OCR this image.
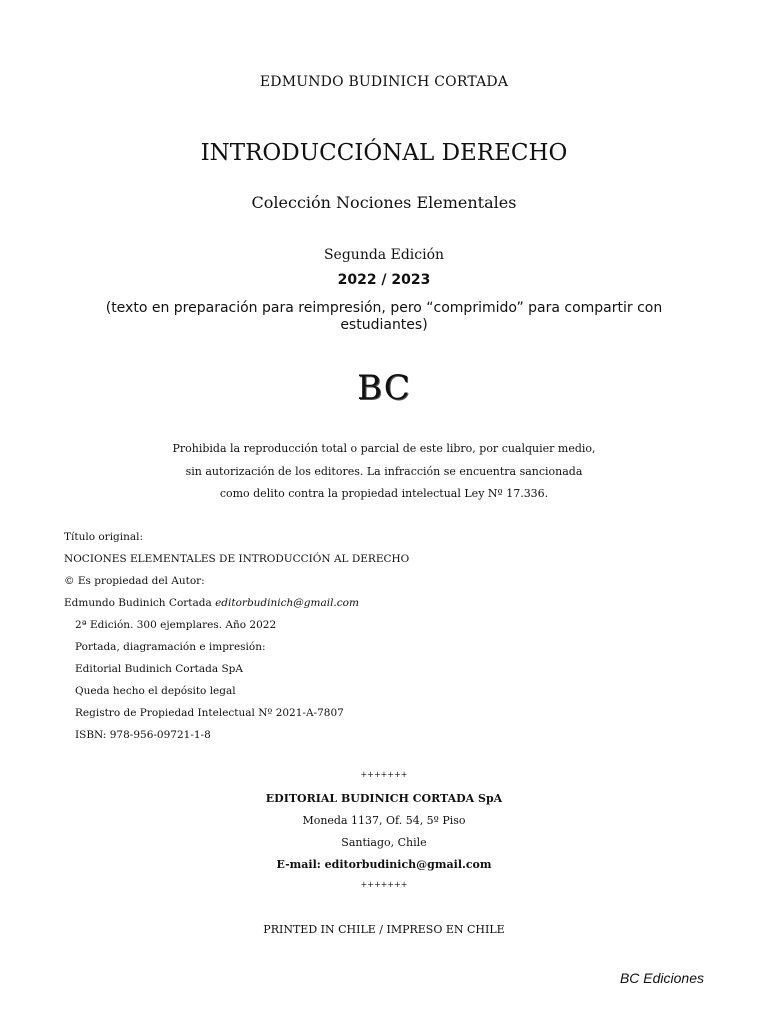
EDMUNDO BUDINICH CORTADA
INTRODUCCIÓNAL DERECHO
Colección Nociones Elementales
Segunda Edición
2022 / 2023
(texto en preparación para reimpresión, pero “comprimido” para compartir con
estudiantes)
BC
Prohibida la reproducción total o parcial de este libro, por cualquier medio,
sin autorización de los editores. La infracción se encuentra sancionada
como delito contra la propiedad intelectual Ley Nº 17.336.
Título original:
NOCIONES ELEMENTALES DE INTRODUCCIÓN AL DERECHO
© Es propiedad del Autor:
Edmundo Budinich Cortada editorbudinich@gmail.com
2ª Edición. 300 ejemplares. Año 2022
Portada, diagramación e impresión:
Editorial Budinich Cortada SpA
Queda hecho el depósito legal
Registro de Propiedad Intelectual Nº 2021-A-7807
ISBN: 978-956-09721-1-8
+++++++
EDITORIAL BUDINICH CORTADA SpA
Moneda 1137, Of. 54, 5º Piso
Santiago, Chile
E-mail: editorbudinich@gmail.com
+++++++
PRINTED IN CHILE / IMPRESO EN CHILE
BC Ediciones
